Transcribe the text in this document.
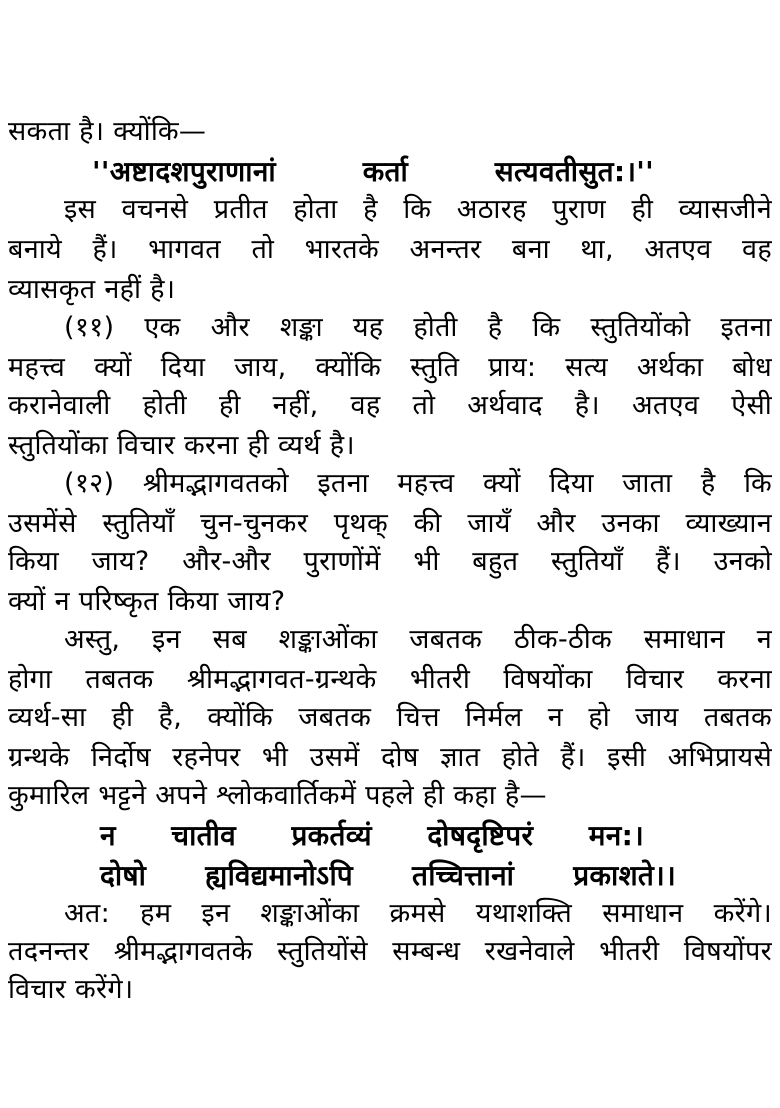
सकता है। क्योंकि—
''अष्टादशपुराणानां कर्ता सत्यवतीसुत:।''
इस वचनसे प्रतीत होता है कि अठारह पुराण ही व्यासजीने
बनाये हैं। भागवत तो भारतके अनन्तर बना था, अतएव वह
व्यासकृत नहीं है।
(११) एक और शङ्का यह होती है कि स्तुतियोंको इतना
महत्त्व क्यों दिया जाय, क्योंकि स्तुति प्राय: सत्य अर्थका बोध
करानेवाली होती ही नहीं, वह तो अर्थवाद है। अतएव ऐसी
स्तुतियोंका विचार करना ही व्यर्थ है।
(१२) श्रीमद्भागवतको इतना महत्त्व क्यों दिया जाता है कि
उसमेंसे स्तुतियाँ चुन-चुनकर पृथक् की जायँ और उनका व्याख्यान
किया जाय? और-और पुराणोंमें भी बहुत स्तुतियाँ हैं। उनको
क्यों न परिष्कृत किया जाय?
अस्तु, इन सब शङ्काओंका जबतक ठीक-ठीक समाधान न
होगा तबतक श्रीमद्भागवत-ग्रन्थके भीतरी विषयोंका विचार करना
व्यर्थ-सा ही है, क्योंकि जबतक चित्त निर्मल न हो जाय तबतक
ग्रन्थके निर्दोष रहनेपर भी उसमें दोष ज्ञात होते हैं। इसी अभिप्रायसे
कुमारिल भट्टने अपने श्लोकवार्तिकमें पहले ही कहा है—
न चातीव प्रकर्तव्यं दोषदृष्टिपरं मन:।
दोषो ह्यविद्यमानोऽपि तच्चित्तानां प्रकाशते।।
अत: हम इन शङ्काओंका क्रमसे यथाशक्ति समाधान करेंगे।
तदनन्तर श्रीमद्भागवतके स्तुतियोंसे सम्बन्ध रखनेवाले भीतरी विषयोंपर
विचार करेंगे।
